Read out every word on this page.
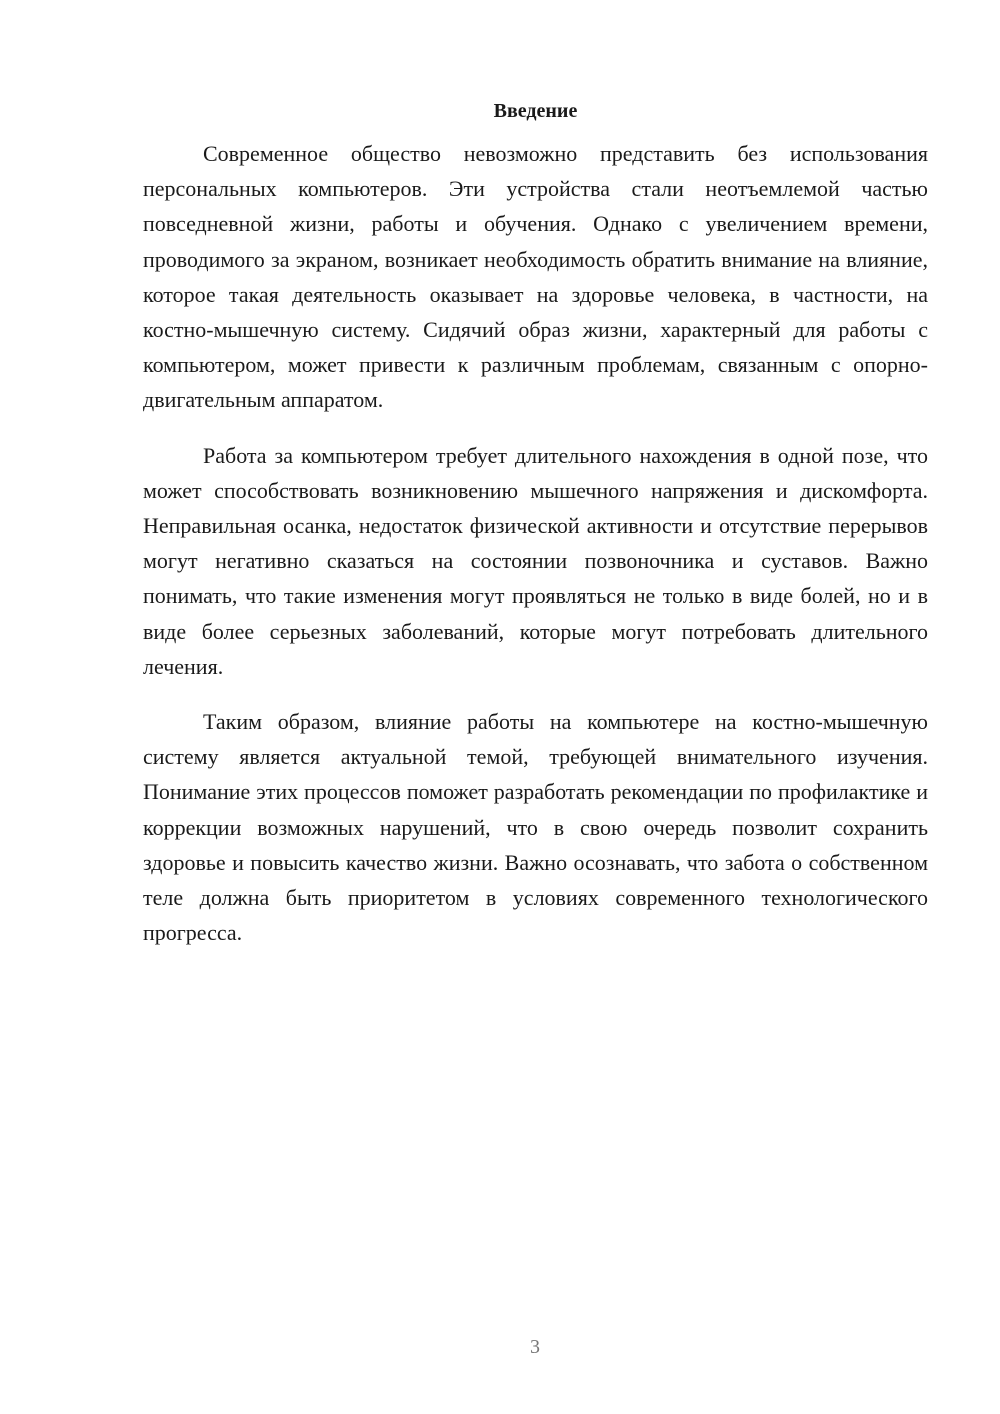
Введение

Современное общество невозможно представить без использования персональных компьютеров. Эти устройства стали неотъемлемой частью повседневной жизни, работы и обучения. Однако с увеличением времени, проводимого за экраном, возникает необходимость обратить внимание на влияние, которое такая деятельность оказывает на здоровье человека, в частности, на костно-мышечную систему. Сидячий образ жизни, характерный для работы с компьютером, может привести к различным проблемам, связанным с опорно-двигательным аппаратом.

Работа за компьютером требует длительного нахождения в одной позе, что может способствовать возникновению мышечного напряжения и дискомфорта. Неправильная осанка, недостаток физической активности и отсутствие перерывов могут негативно сказаться на состоянии позвоночника и суставов. Важно понимать, что такие изменения могут проявляться не только в виде болей, но и в виде более серьезных заболеваний, которые могут потребовать длительного лечения.

Таким образом, влияние работы на компьютере на костно-мышечную систему является актуальной темой, требующей внимательного изучения. Понимание этих процессов поможет разработать рекомендации по профилактике и коррекции возможных нарушений, что в свою очередь позволит сохранить здоровье и повысить качество жизни. Важно осознавать, что забота о собственном теле должна быть приоритетом в условиях современного технологического прогресса.

3
